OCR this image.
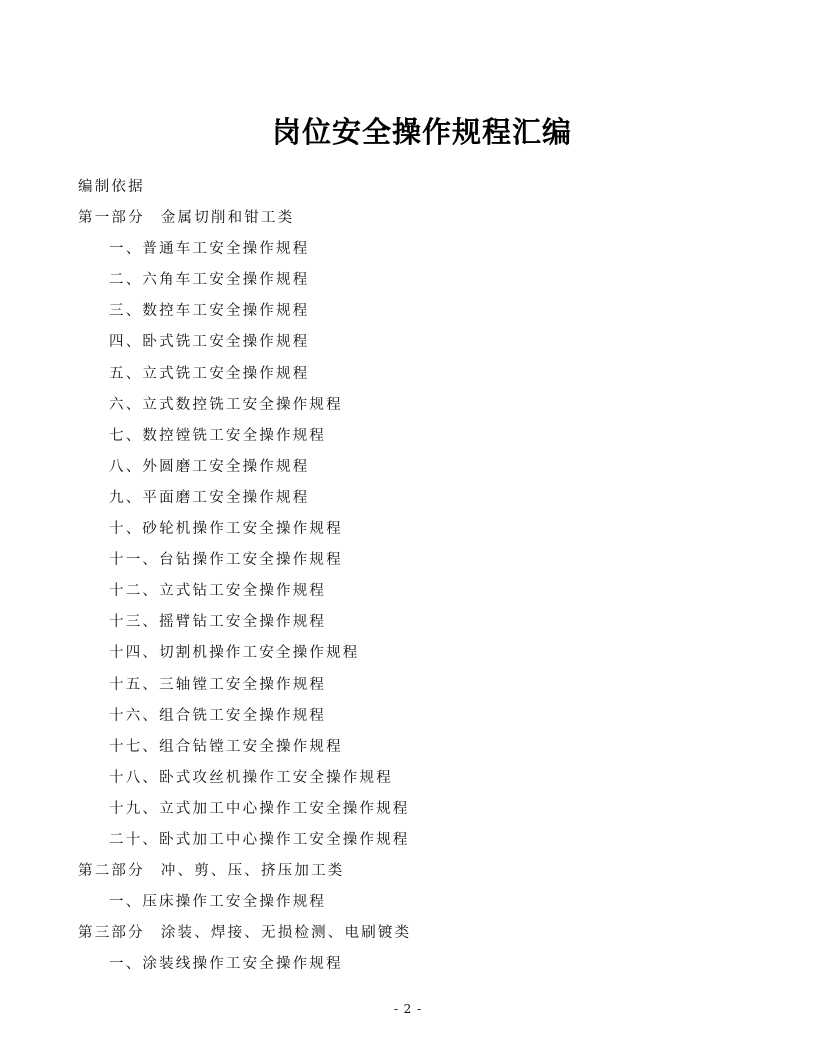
岗位安全操作规程汇编
编制依据
第一部分 金属切削和钳工类
一、普通车工安全操作规程
二、六角车工安全操作规程
三、数控车工安全操作规程
四、卧式铣工安全操作规程
五、立式铣工安全操作规程
六、立式数控铣工安全操作规程
七、数控镗铣工安全操作规程
八、外圆磨工安全操作规程
九、平面磨工安全操作规程
十、砂轮机操作工安全操作规程
十一、台钻操作工安全操作规程
十二、立式钻工安全操作规程
十三、摇臂钻工安全操作规程
十四、切割机操作工安全操作规程
十五、三轴镗工安全操作规程
十六、组合铣工安全操作规程
十七、组合钻镗工安全操作规程
十八、卧式攻丝机操作工安全操作规程
十九、立式加工中心操作工安全操作规程
二十、卧式加工中心操作工安全操作规程
第二部分 冲、剪、压、挤压加工类
一、压床操作工安全操作规程
第三部分 涂装、焊接、无损检测、电刷镀类
一、涂装线操作工安全操作规程
- 2 -
